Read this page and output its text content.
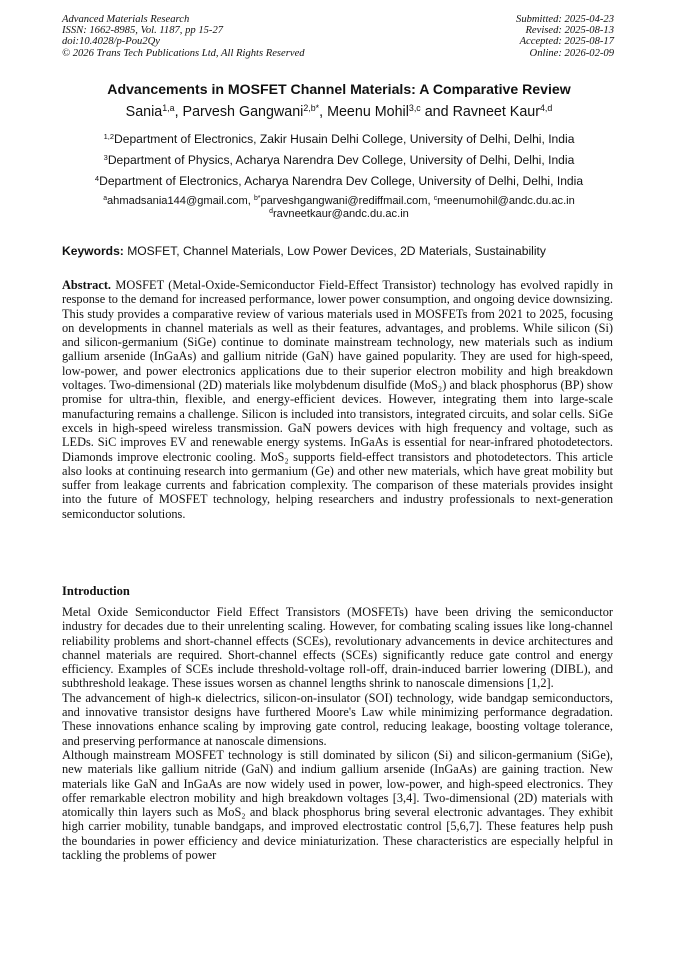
Advanced Materials Research
ISSN: 1662-8985, Vol. 1187, pp 15-27
doi:10.4028/p-Pou2Qy
© 2026 Trans Tech Publications Ltd, All Rights Reserved
Submitted: 2025-04-23
Revised: 2025-08-13
Accepted: 2025-08-17
Online: 2026-02-09
Advancements in MOSFET Channel Materials: A Comparative Review
Sania$^{1,a}$, Parvesh Gangwani$^{2,b*}$, Meenu Mohil$^{3,c}$ and Ravneet Kaur$^{4,d}$
$^{1,2}$Department of Electronics, Zakir Husain Delhi College, University of Delhi, Delhi, India
$^3$Department of Physics, Acharya Narendra Dev College, University of Delhi, Delhi, India
$^4$Department of Electronics, Acharya Narendra Dev College, University of Delhi, Delhi, India
$^a$ahmadsania144@gmail.com, $^{b*}$parveshgangwani@rediffmail.com, $^c$meenumohil@andc.du.ac.in
$^d$ravneetkaur@andc.du.ac.in
Keywords: MOSFET, Channel Materials, Low Power Devices, 2D Materials, Sustainability
Abstract. MOSFET (Metal-Oxide-Semiconductor Field-Effect Transistor) technology has evolved rapidly in response to the demand for increased performance, lower power consumption, and ongoing device downsizing. This study provides a comparative review of various materials used in MOSFETs from 2021 to 2025, focusing on developments in channel materials as well as their features, advantages, and problems. While silicon (Si) and silicon-germanium (SiGe) continue to dominate mainstream technology, new materials such as indium gallium arsenide (InGaAs) and gallium nitride (GaN) have gained popularity. They are used for high-speed, low-power, and power electronics applications due to their superior electron mobility and high breakdown voltages. Two-dimensional (2D) materials like molybdenum disulfide (MoS₂) and black phosphorus (BP) show promise for ultra-thin, flexible, and energy-efficient devices. However, integrating them into large-scale manufacturing remains a challenge. Silicon is included into transistors, integrated circuits, and solar cells. SiGe excels in high-speed wireless transmission. GaN powers devices with high frequency and voltage, such as LEDs. SiC improves EV and renewable energy systems. InGaAs is essential for near-infrared photodetectors. Diamonds improve electronic cooling. MoS₂ supports field-effect transistors and photodetectors. This article also looks at continuing research into germanium (Ge) and other new materials, which have great mobility but suffer from leakage currents and fabrication complexity. The comparison of these materials provides insight into the future of MOSFET technology, helping researchers and industry professionals to next-generation semiconductor solutions.
Introduction

Metal Oxide Semiconductor Field Effect Transistors (MOSFETs) have been driving the semiconductor industry for decades due to their unrelenting scaling. However, for combating scaling issues like long-channel reliability problems and short-channel effects (SCEs), revolutionary advancements in device architectures and channel materials are required. Short-channel effects (SCEs) significantly reduce gate control and energy efficiency. Examples of SCEs include threshold-voltage roll-off, drain-induced barrier lowering (DIBL), and subthreshold leakage. These issues worsen as channel lengths shrink to nanoscale dimensions [1,2].

The advancement of high-κ dielectrics, silicon-on-insulator (SOI) technology, wide bandgap semiconductors, and innovative transistor designs have furthered Moore's Law while minimizing performance degradation. These innovations enhance scaling by improving gate control, reducing leakage, boosting voltage tolerance, and preserving performance at nanoscale dimensions.

Although mainstream MOSFET technology is still dominated by silicon (Si) and silicon-germanium (SiGe), new materials like gallium nitride (GaN) and indium gallium arsenide (InGaAs) are gaining traction. New materials like GaN and InGaAs are now widely used in power, low-power, and high-speed electronics. They offer remarkable electron mobility and high breakdown voltages [3,4]. Two-dimensional (2D) materials with atomically thin layers such as MoS₂ and black phosphorus bring several electronic advantages. They exhibit high carrier mobility, tunable bandgaps, and improved electrostatic control [5,6,7]. These features help push the boundaries in power efficiency and device miniaturization. These characteristics are especially helpful in tackling the problems of power
